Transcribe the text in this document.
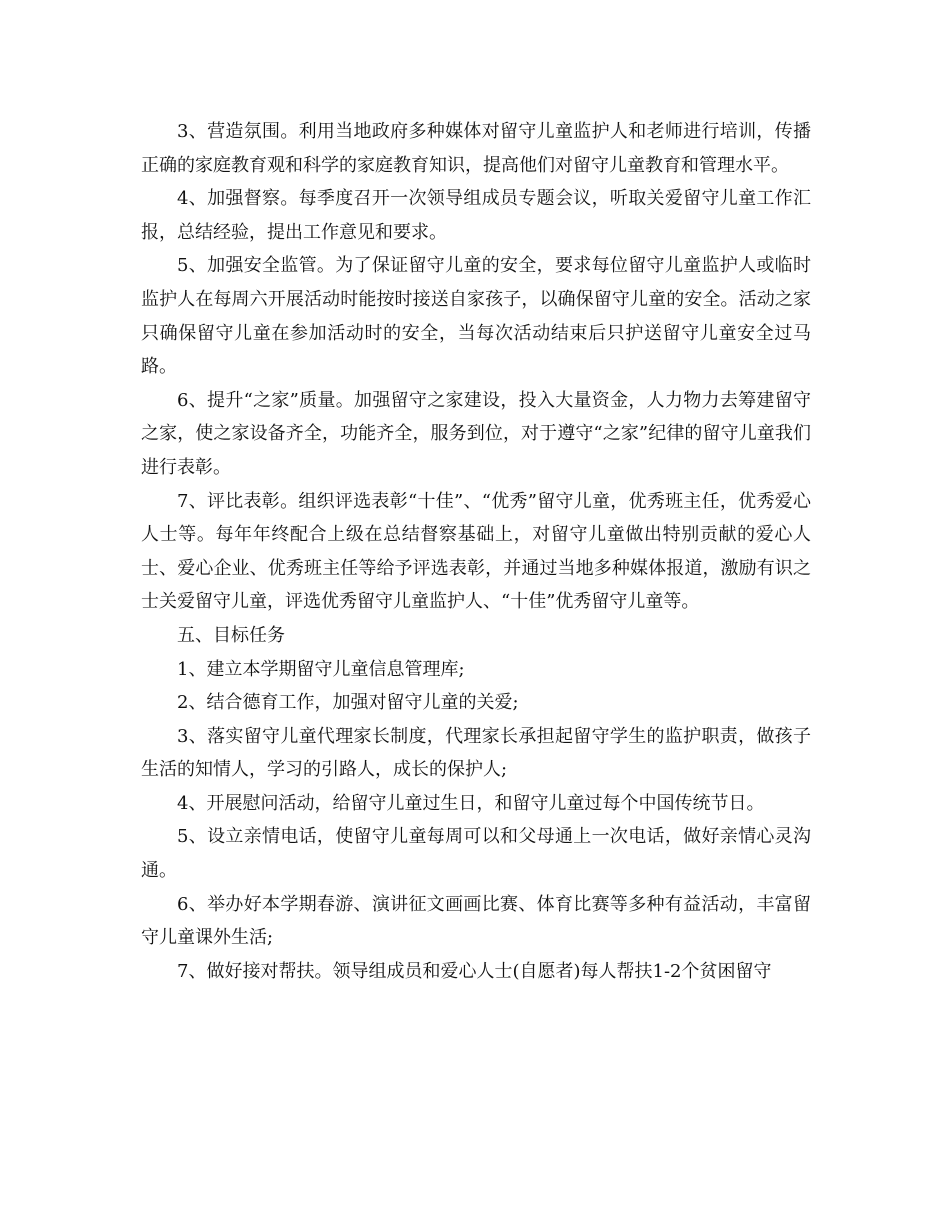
3、营造氛围。利用当地政府多种媒体对留守儿童监护人和老师进行培训，传播正确的家庭教育观和科学的家庭教育知识，提高他们对留守儿童教育和管理水平。

4、加强督察。每季度召开一次领导组成员专题会议，听取关爱留守儿童工作汇报，总结经验，提出工作意见和要求。

5、加强安全监管。为了保证留守儿童的安全，要求每位留守儿童监护人或临时监护人在每周六开展活动时能按时接送自家孩子，以确保留守儿童的安全。活动之家只确保留守儿童在参加活动时的安全，当每次活动结束后只护送留守儿童安全过马路。

6、提升“之家”质量。加强留守之家建设，投入大量资金，人力物力去筹建留守之家，使之家设备齐全，功能齐全，服务到位，对于遵守“之家”纪律的留守儿童我们进行表彰。

7、评比表彰。组织评选表彰“十佳”、“优秀”留守儿童，优秀班主任，优秀爱心人士等。每年年终配合上级在总结督察基础上，对留守儿童做出特别贡献的爱心人士、爱心企业、优秀班主任等给予评选表彰，并通过当地多种媒体报道，激励有识之士关爱留守儿童，评选优秀留守儿童监护人、“十佳”优秀留守儿童等。

五、目标任务

1、建立本学期留守儿童信息管理库;

2、结合德育工作，加强对留守儿童的关爱;

3、落实留守儿童代理家长制度，代理家长承担起留守学生的监护职责，做孩子生活的知情人，学习的引路人，成长的保护人;

4、开展慰问活动，给留守儿童过生日，和留守儿童过每个中国传统节日。

5、设立亲情电话，使留守儿童每周可以和父母通上一次电话，做好亲情心灵沟通。

6、举办好本学期春游、演讲征文画画比赛、体育比赛等多种有益活动，丰富留守儿童课外生活;

7、做好接对帮扶。领导组成员和爱心人士(自愿者)每人帮扶1-2个贫困留守
